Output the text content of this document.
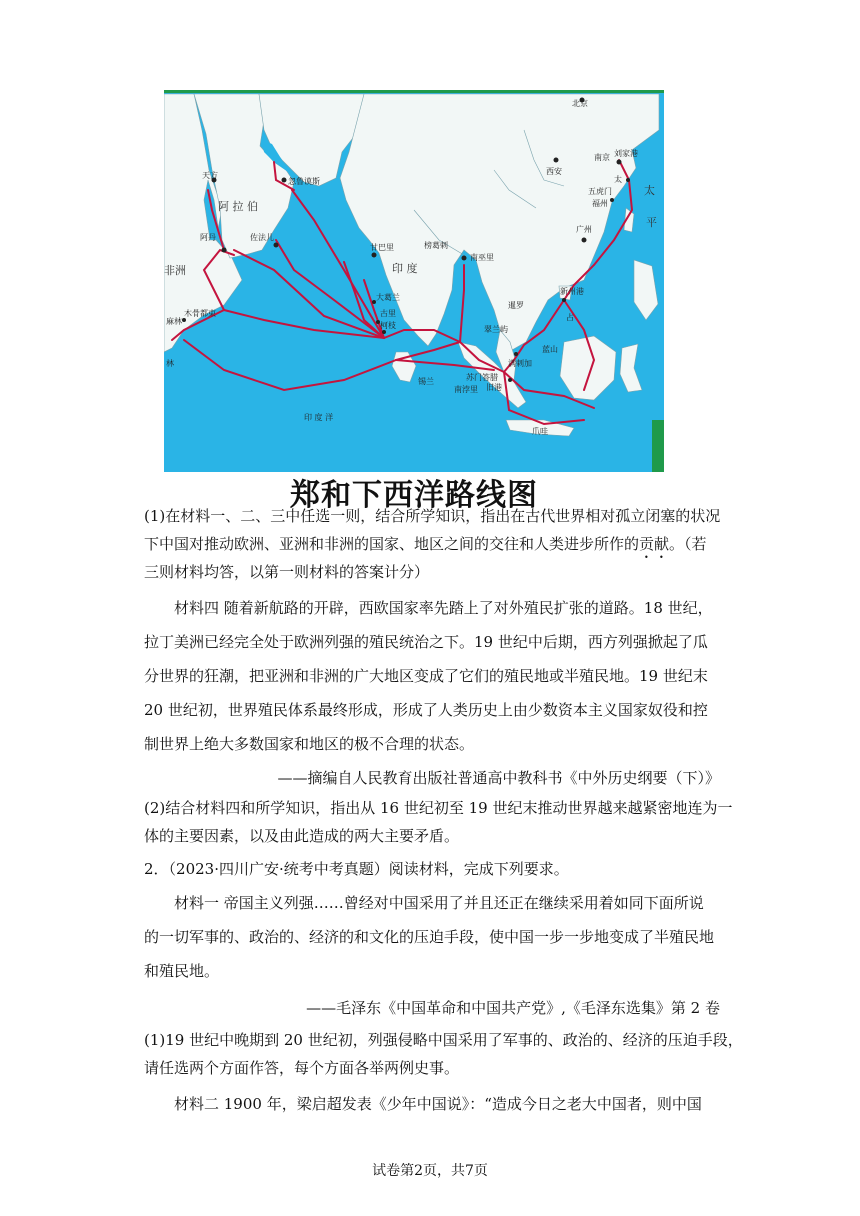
北京
西安
南京 刘家港
太
五虎门
福州
广州
新州港
占
太
平
天方
阿 拉 伯
忽鲁谟斯
佐法儿
阿丹
非洲
木骨都束
麻林
林
甘巴里	榜葛剌
印 度
南巫里
大葛兰
古里
柯枝
锡兰
暹罗
翠兰屿
苏门答腊
满剌加
旧港
爪哇
蓝山
南浡里
印 度 洋
郑和下西洋路线图
(1)在材料一、二、三中任选一则，结合所学知识，指出在古代世界相对孤立闭塞的状况
下中国对推动欧洲、亚洲和非洲的国家、地区之间的交往和人类进步所作的贡献。（若
三则材料均答，以第一则材料的答案计分）
材料四 随着新航路的开辟，西欧国家率先踏上了对外殖民扩张的道路。18 世纪，
拉丁美洲已经完全处于欧洲列强的殖民统治之下。19 世纪中后期，西方列强掀起了瓜
分世界的狂潮，把亚洲和非洲的广大地区变成了它们的殖民地或半殖民地。19 世纪末
20 世纪初，世界殖民体系最终形成，形成了人类历史上由少数资本主义国家奴役和控
制世界上绝大多数国家和地区的极不合理的状态。
——摘编自人民教育出版社普通高中教科书《中外历史纲要（下）》
(2)结合材料四和所学知识，指出从 16 世纪初至 19 世纪末推动世界越来越紧密地连为一
体的主要因素，以及由此造成的两大主要矛盾。
2．（2023·四川广安·统考中考真题）阅读材料，完成下列要求。
材料一 帝国主义列强……曾经对中国采用了并且还正在继续采用着如同下面所说
的一切军事的、政治的、经济的和文化的压迫手段，使中国一步一步地变成了半殖民地
和殖民地。
——毛泽东《中国革命和中国共产党》,《毛泽东选集》第 2 卷
(1)19 世纪中晚期到 20 世纪初，列强侵略中国采用了军事的、政治的、经济的压迫手段，
请任选两个方面作答，每个方面各举两例史事。
材料二 1900 年，梁启超发表《少年中国说》：“造成今日之老大中国者，则中国
试卷第2页，共7页
